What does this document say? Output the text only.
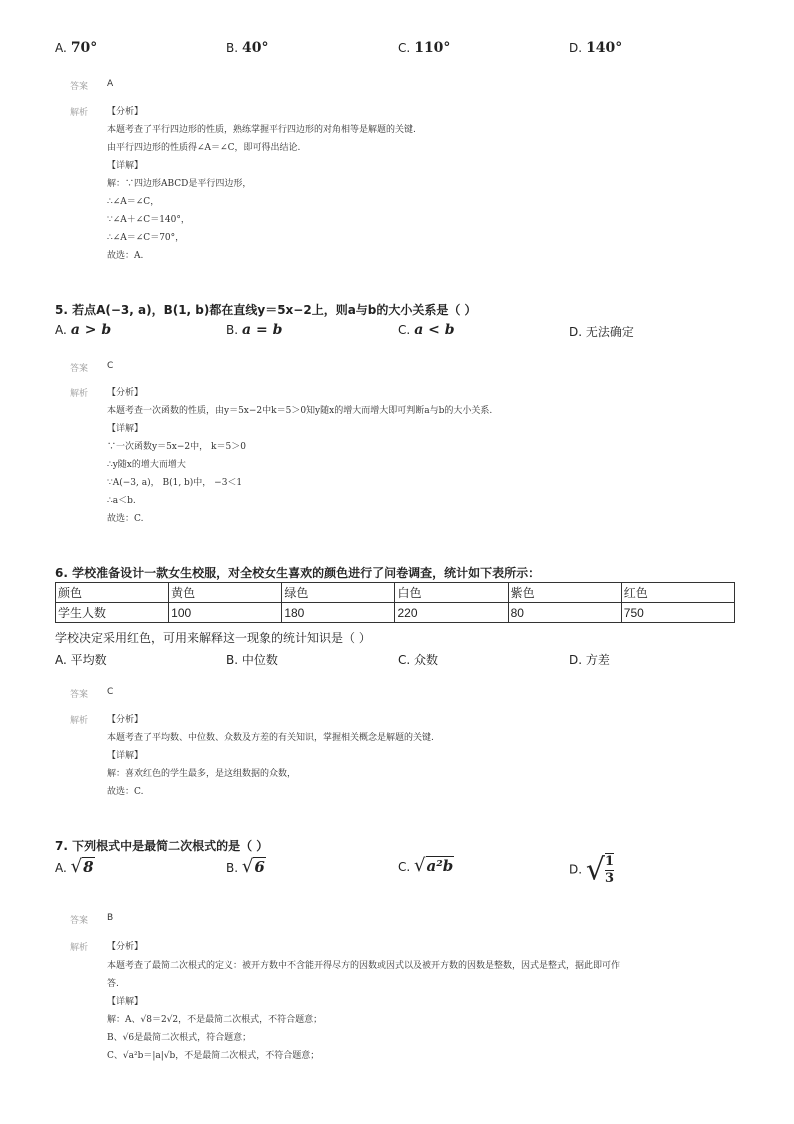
A. 70°	B. 40°	C. 110°	D. 140°
答案 A
解析 【分析】
本题考查了平行四边形的性质，熟练掌握平行四边形的对角相等是解题的关键.
由平行四边形的性质得∠A＝∠C，即可得出结论.
【详解】
解：∵四边形ABCD是平行四边形，
∴∠A＝∠C，
∵∠A＋∠C＝140°，
∴∠A＝∠C＝70°，
故选：A.
5. 若点A(−3, a)，B(1, b)都在直线y＝5x−2上，则a与b的大小关系是（ ）
A. a > b	B. a = b	C. a < b	D. 无法确定
答案 C
解析 【分析】
本题考查一次函数的性质，由y＝5x−2中k＝5＞0知y随x的增大而增大即可判断a与b的大小关系.
【详解】
∵一次函数y＝5x−2中， k＝5＞0
∴y随x的增大而增大
∵A(−3, a)， B(1, b)中， −3＜1
∴a＜b.
故选：C.
6. 学校准备设计一款女生校服，对全校女生喜欢的颜色进行了问卷调查，统计如下表所示：
颜色	黄色	绿色	白色	紫色	红色
学生人数	100	180	220	80	750
学校决定采用红色，可用来解释这一现象的统计知识是（ ）
A. 平均数	B. 中位数	C. 众数	D. 方差
答案 C
解析 【分析】
本题考查了平均数、中位数、众数及方差的有关知识，掌握相关概念是解题的关键.
【详解】
解：喜欢红色的学生最多，是这组数据的众数，
故选：C.
7. 下列根式中是最简二次根式的是（ ）
A. √8	B. √6	C. √a²b	D. √ $\frac{1}{3}$
答案 B
解析 【分析】
本题考查了最简二次根式的定义：被开方数中不含能开得尽方的因数或因式以及被开方数的因数是整数，因式是整式，据此即可作
答.
【详解】
解：A、√8＝2√2，不是最简二次根式，不符合题意；
B、√6是最简二次根式，符合题意；
C、√a²b＝|a|√b，不是最简二次根式，不符合题意；
